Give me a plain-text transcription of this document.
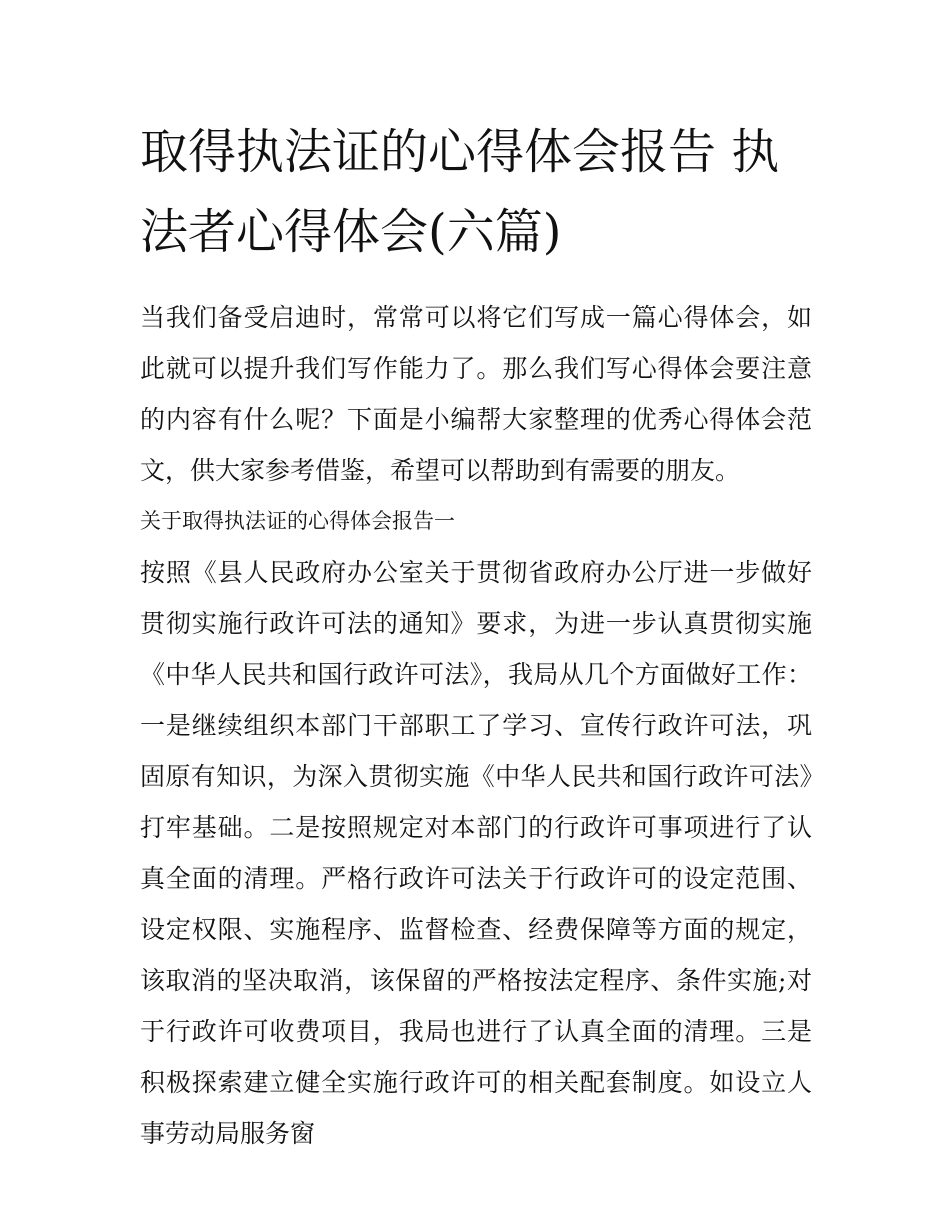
取得执法证的心得体会报告 执法者心得体会(六篇)

当我们备受启迪时，常常可以将它们写成一篇心得体会，如此就可以提升我们写作能力了。那么我们写心得体会要注意的内容有什么呢？下面是小编帮大家整理的优秀心得体会范文，供大家参考借鉴，希望可以帮助到有需要的朋友。

关于取得执法证的心得体会报告一

按照《县人民政府办公室关于贯彻省政府办公厅进一步做好贯彻实施行政许可法的通知》要求，为进一步认真贯彻实施《中华人民共和国行政许可法》，我局从几个方面做好工作：一是继续组织本部门干部职工了学习、宣传行政许可法，巩固原有知识，为深入贯彻实施《中华人民共和国行政许可法》打牢基础。二是按照规定对本部门的行政许可事项进行了认真全面的清理。严格行政许可法关于行政许可的设定范围、设定权限、实施程序、监督检查、经费保障等方面的规定，该取消的坚决取消，该保留的严格按法定程序、条件实施;对于行政许可收费项目，我局也进行了认真全面的清理。三是积极探索建立健全实施行政许可的相关配套制度。如设立人事劳动局服务窗
